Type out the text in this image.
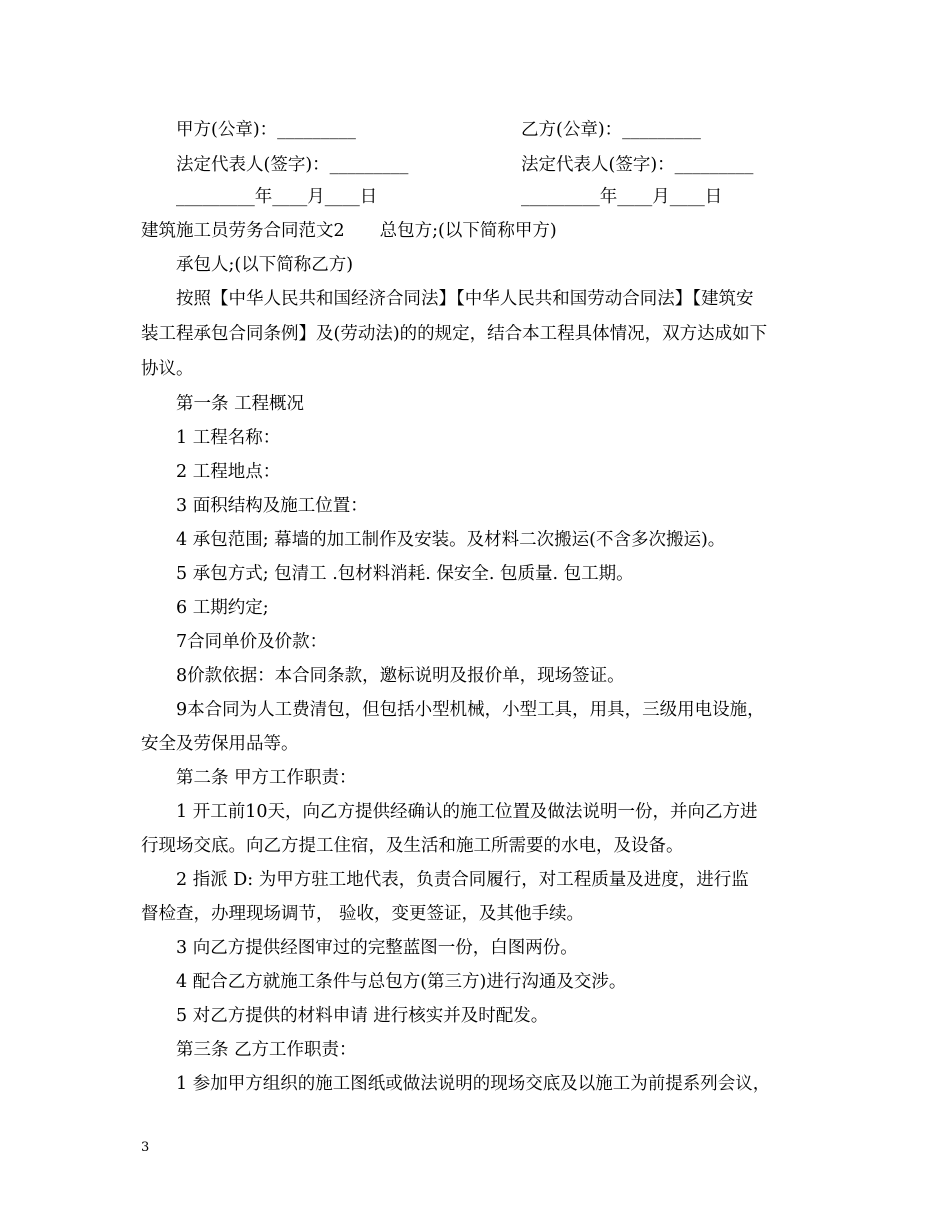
甲方(公章)：_________	乙方(公章)：_________
法定代表人(签字)：_________	法定代表人(签字)：_________
_________年____月____日	_________年____月____日
建筑施工员劳务合同范文2　　总包方;(以下简称甲方)
承包人;(以下简称乙方)
按照【中华人民共和国经济合同法】【中华人民共和国劳动合同法】【建筑安
装工程承包合同条例】及(劳动法)的的规定，结合本工程具体情况，双方达成如下
协议。
第一条 工程概况
1 工程名称：
2 工程地点：
3 面积结构及施工位置：
4 承包范围; 幕墙的加工制作及安装。及材料二次搬运(不含多次搬运)。
5 承包方式; 包清工 .包材料消耗. 保安全. 包质量. 包工期。
6 工期约定;
7合同单价及价款：
8价款依据：本合同条款，邀标说明及报价单，现场签证。
9本合同为人工费清包，但包括小型机械，小型工具，用具，三级用电设施，
安全及劳保用品等。
第二条 甲方工作职责：
1 开工前10天，向乙方提供经确认的施工位置及做法说明一份，并向乙方进
行现场交底。向乙方提工住宿，及生活和施工所需要的水电，及设备。
2 指派 D: 为甲方驻工地代表，负责合同履行，对工程质量及进度，进行监
督检查，办理现场调节， 验收，变更签证，及其他手续。
3 向乙方提供经图审过的完整蓝图一份，白图两份。
4 配合乙方就施工条件与总包方(第三方)进行沟通及交涉。
5 对乙方提供的材料申请 进行核实并及时配发。
第三条 乙方工作职责：
1 参加甲方组织的施工图纸或做法说明的现场交底及以施工为前提系列会议，
3
